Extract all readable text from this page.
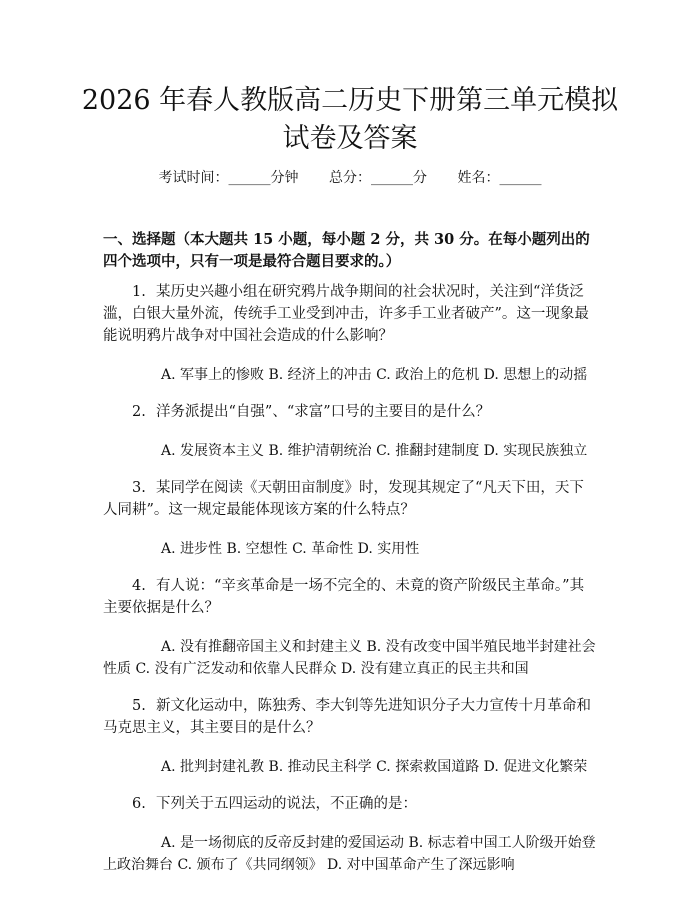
2026 年春人教版高二历史下册第三单元模拟
试卷及答案
考试时间：______分钟 总分：______分 姓名：______
一、选择题（本大题共 15 小题，每小题 2 分，共 30 分。在每小题列出的四个选项中，只有一项是最符合题目要求的。）

1. 某历史兴趣小组在研究鸦片战争期间的社会状况时，关注到“洋货泛滥，白银大量外流，传统手工业受到冲击，许多手工业者破产”。这一现象最能说明鸦片战争对中国社会造成的什么影响？

A. 军事上的惨败 B. 经济上的冲击 C. 政治上的危机 D. 思想上的动摇

2. 洋务派提出“自强”、“求富”口号的主要目的是什么？

A. 发展资本主义 B. 维护清朝统治 C. 推翻封建制度 D. 实现民族独立

3. 某同学在阅读《天朝田亩制度》时，发现其规定了“凡天下田，天下人同耕”。这一规定最能体现该方案的什么特点？

A. 进步性 B. 空想性 C. 革命性 D. 实用性

4. 有人说：“辛亥革命是一场不完全的、未竟的资产阶级民主革命。”其主要依据是什么？

A. 没有推翻帝国主义和封建主义 B. 没有改变中国半殖民地半封建社会性质 C. 没有广泛发动和依靠人民群众 D. 没有建立真正的民主共和国

5. 新文化运动中，陈独秀、李大钊等先进知识分子大力宣传十月革命和马克思主义，其主要目的是什么？

A. 批判封建礼教 B. 推动民主科学 C. 探索救国道路 D. 促进文化繁荣

6. 下列关于五四运动的说法，不正确的是：

A. 是一场彻底的反帝反封建的爱国运动 B. 标志着中国工人阶级开始登上政治舞台 C. 颁布了《共同纲领》 D. 对中国革命产生了深远影响
